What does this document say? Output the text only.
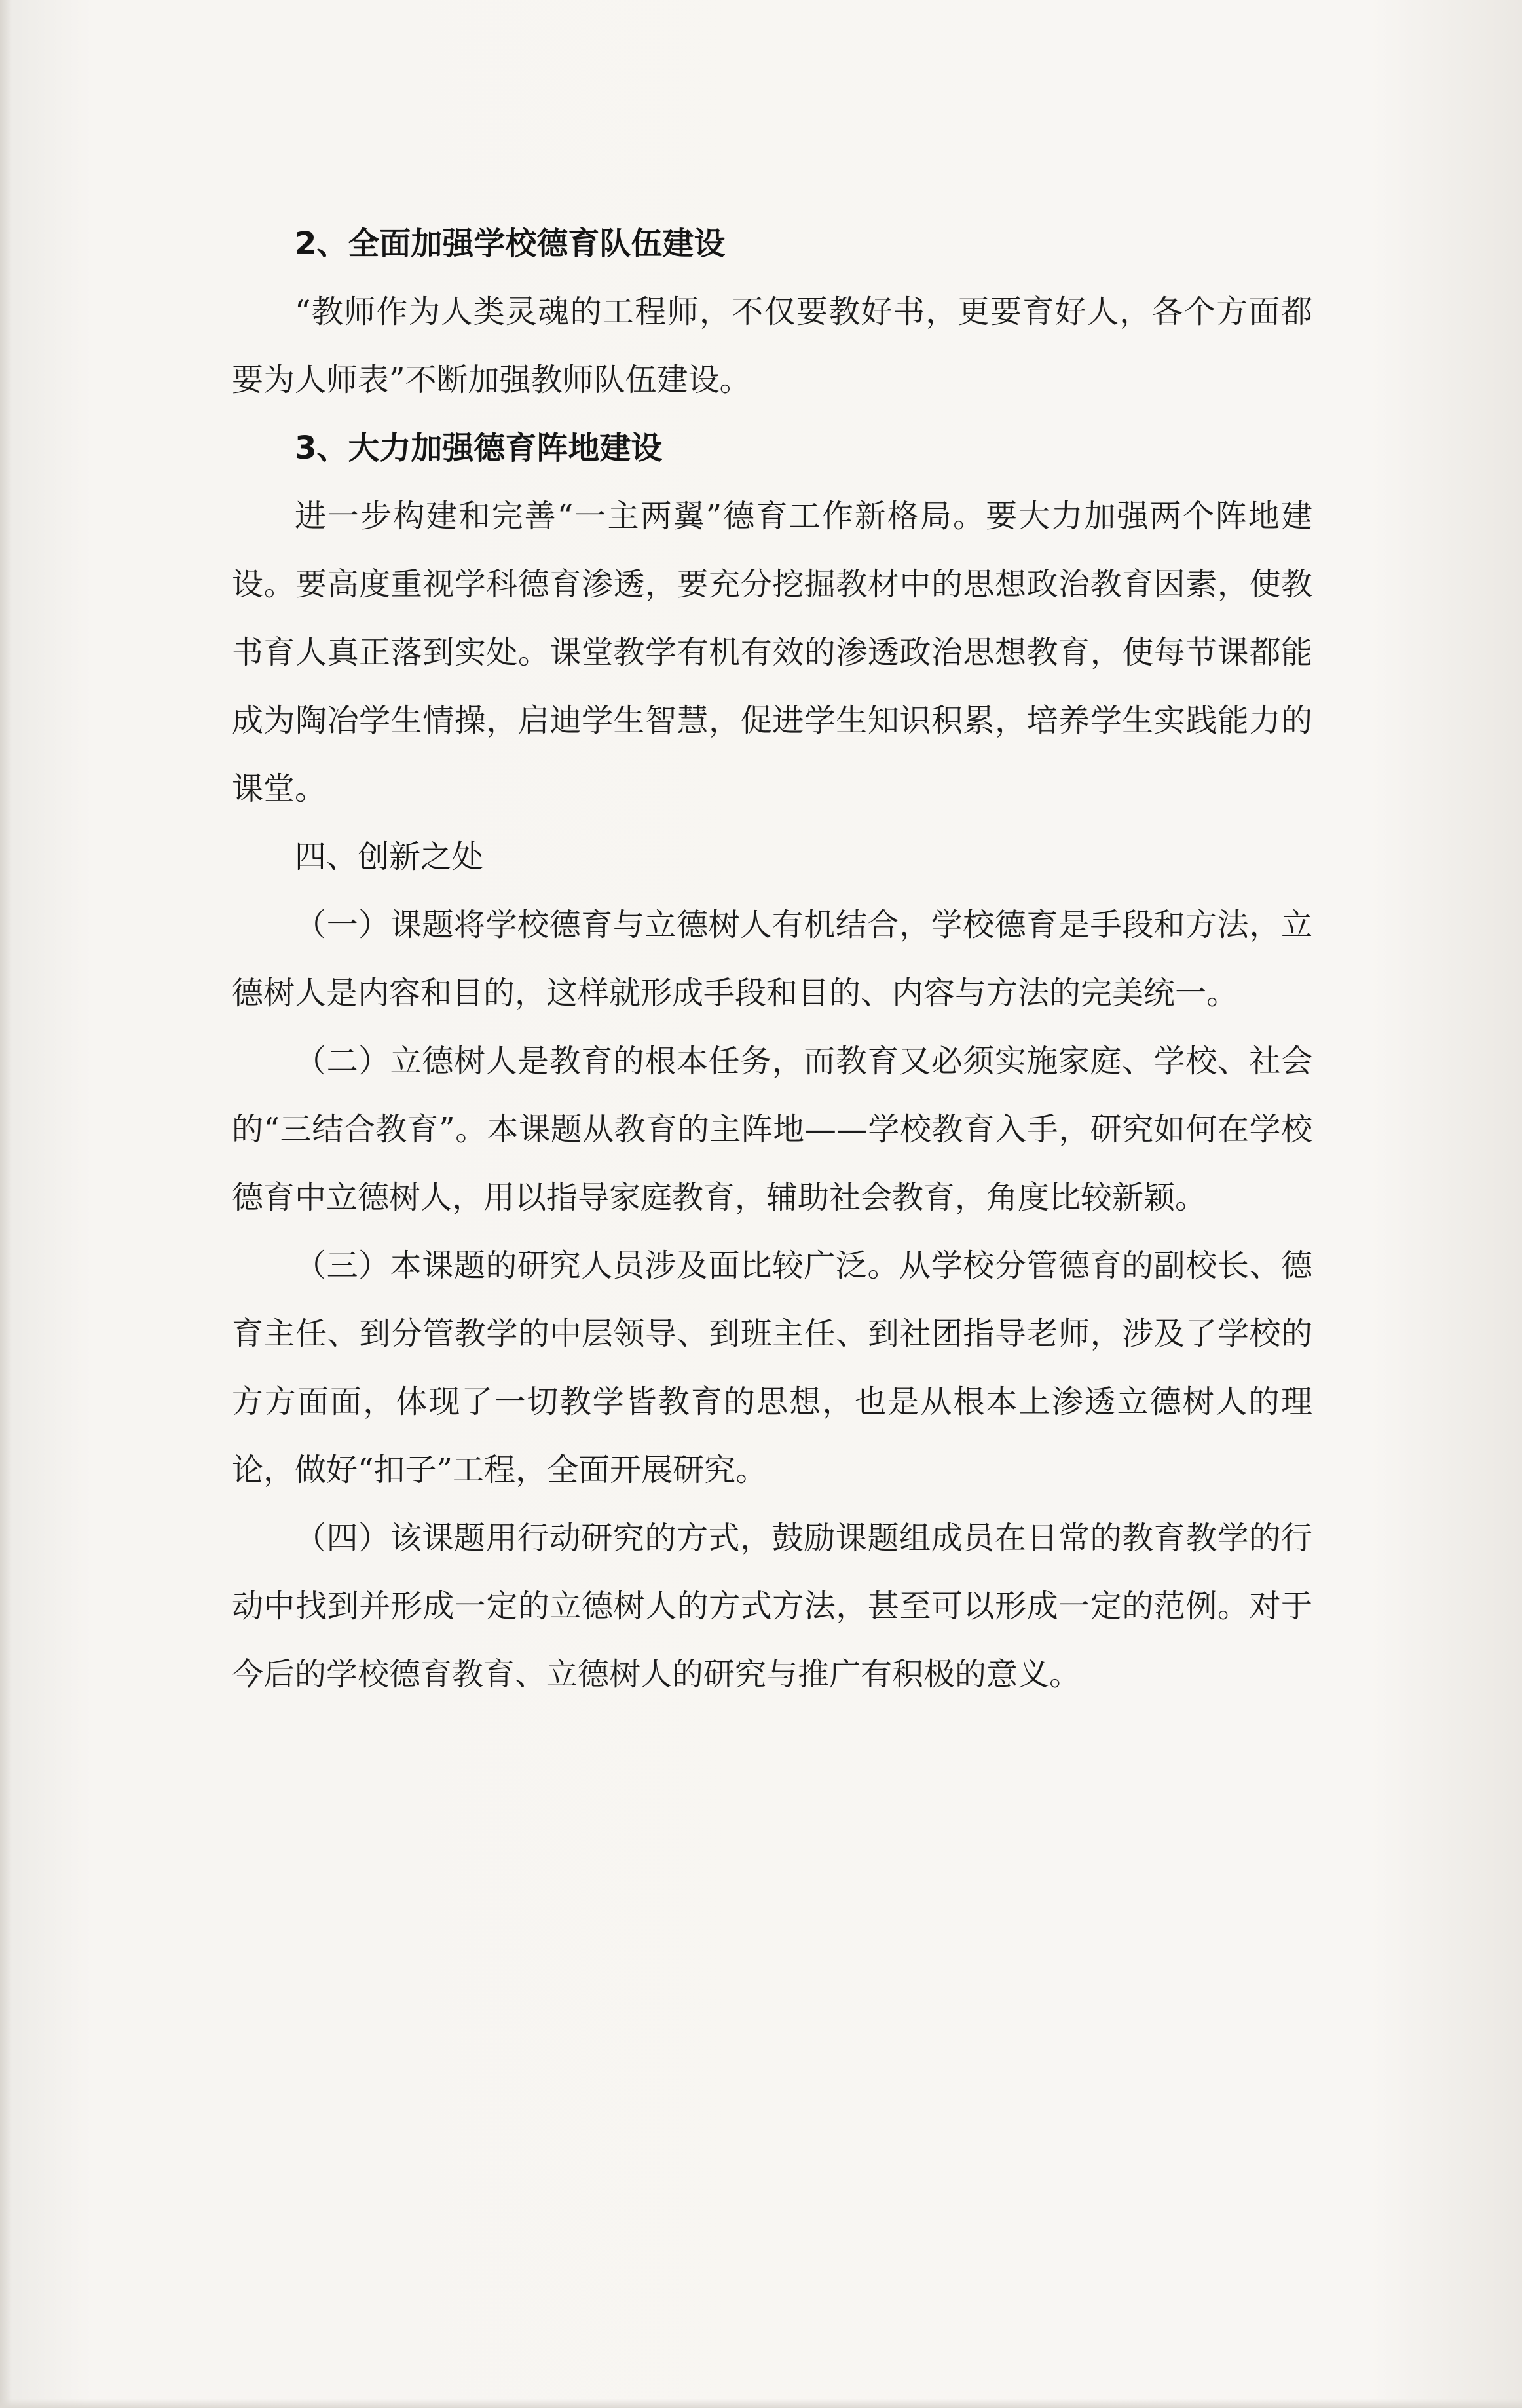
2、全面加强学校德育队伍建设

“教师作为人类灵魂的工程师，不仅要教好书，更要育好人，各个方面都要为人师表”不断加强教师队伍建设。

3、大力加强德育阵地建设

进一步构建和完善“一主两翼”德育工作新格局。要大力加强两个阵地建设。要高度重视学科德育渗透，要充分挖掘教材中的思想政治教育因素，使教书育人真正落到实处。课堂教学有机有效的渗透政治思想教育，使每节课都能成为陶冶学生情操，启迪学生智慧，促进学生知识积累，培养学生实践能力的课堂。

四、创新之处

（一）课题将学校德育与立德树人有机结合，学校德育是手段和方法，立德树人是内容和目的，这样就形成手段和目的、内容与方法的完美统一。

（二）立德树人是教育的根本任务，而教育又必须实施家庭、学校、社会的“三结合教育”。本课题从教育的主阵地——学校教育入手，研究如何在学校德育中立德树人，用以指导家庭教育，辅助社会教育，角度比较新颖。

（三）本课题的研究人员涉及面比较广泛。从学校分管德育的副校长、德育主任、到分管教学的中层领导、到班主任、到社团指导老师，涉及了学校的方方面面，体现了一切教学皆教育的思想，也是从根本上渗透立德树人的理论，做好“扣子”工程，全面开展研究。

（四）该课题用行动研究的方式，鼓励课题组成员在日常的教育教学的行动中找到并形成一定的立德树人的方式方法，甚至可以形成一定的范例。对于今后的学校德育教育、立德树人的研究与推广有积极的意义。
